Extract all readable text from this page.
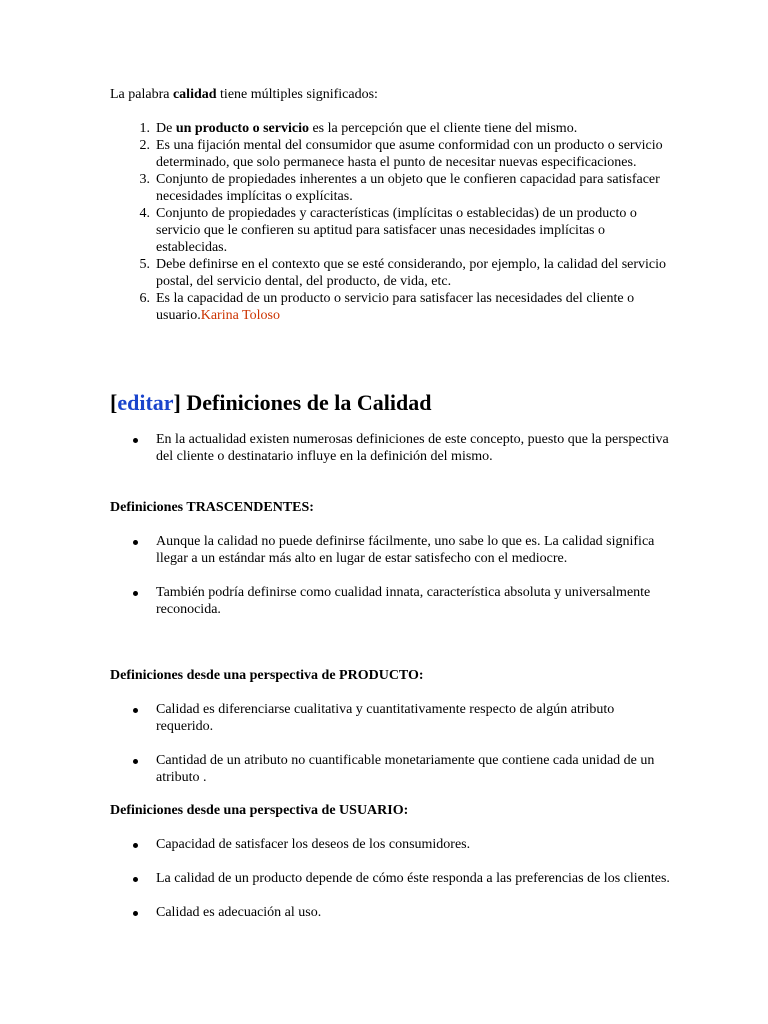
La palabra calidad tiene múltiples significados:

1. De un producto o servicio es la percepción que el cliente tiene del mismo.
2. Es una fijación mental del consumidor que asume conformidad con un producto o servicio determinado, que solo permanece hasta el punto de necesitar nuevas especificaciones.
3. Conjunto de propiedades inherentes a un objeto que le confieren capacidad para satisfacer necesidades implícitas o explícitas.
4. Conjunto de propiedades y características (implícitas o establecidas) de un producto o servicio que le confieren su aptitud para satisfacer unas necesidades implícitas o establecidas.
5. Debe definirse en el contexto que se esté considerando, por ejemplo, la calidad del servicio postal, del servicio dental, del producto, de vida, etc.
6. Es la capacidad de un producto o servicio para satisfacer las necesidades del cliente o usuario.Karina Toloso
[editar] Definiciones de la Calidad
En la actualidad existen numerosas definiciones de este concepto, puesto que la perspectiva del cliente o destinatario influye en la definición del mismo.

Definiciones TRASCENDENTES:

Aunque la calidad no puede definirse fácilmente, uno sabe lo que es. La calidad significa llegar a un estándar más alto en lugar de estar satisfecho con el mediocre.
También podría definirse como cualidad innata, característica absoluta y universalmente reconocida.

Definiciones desde una perspectiva de PRODUCTO:

Calidad es diferenciarse cualitativa y cuantitativamente respecto de algún atributo requerido.
Cantidad de un atributo no cuantificable monetariamente que contiene cada unidad de un atributo .

Definiciones desde una perspectiva de USUARIO:

Capacidad de satisfacer los deseos de los consumidores.
La calidad de un producto depende de cómo éste responda a las preferencias de los clientes.
Calidad es adecuación al uso.
